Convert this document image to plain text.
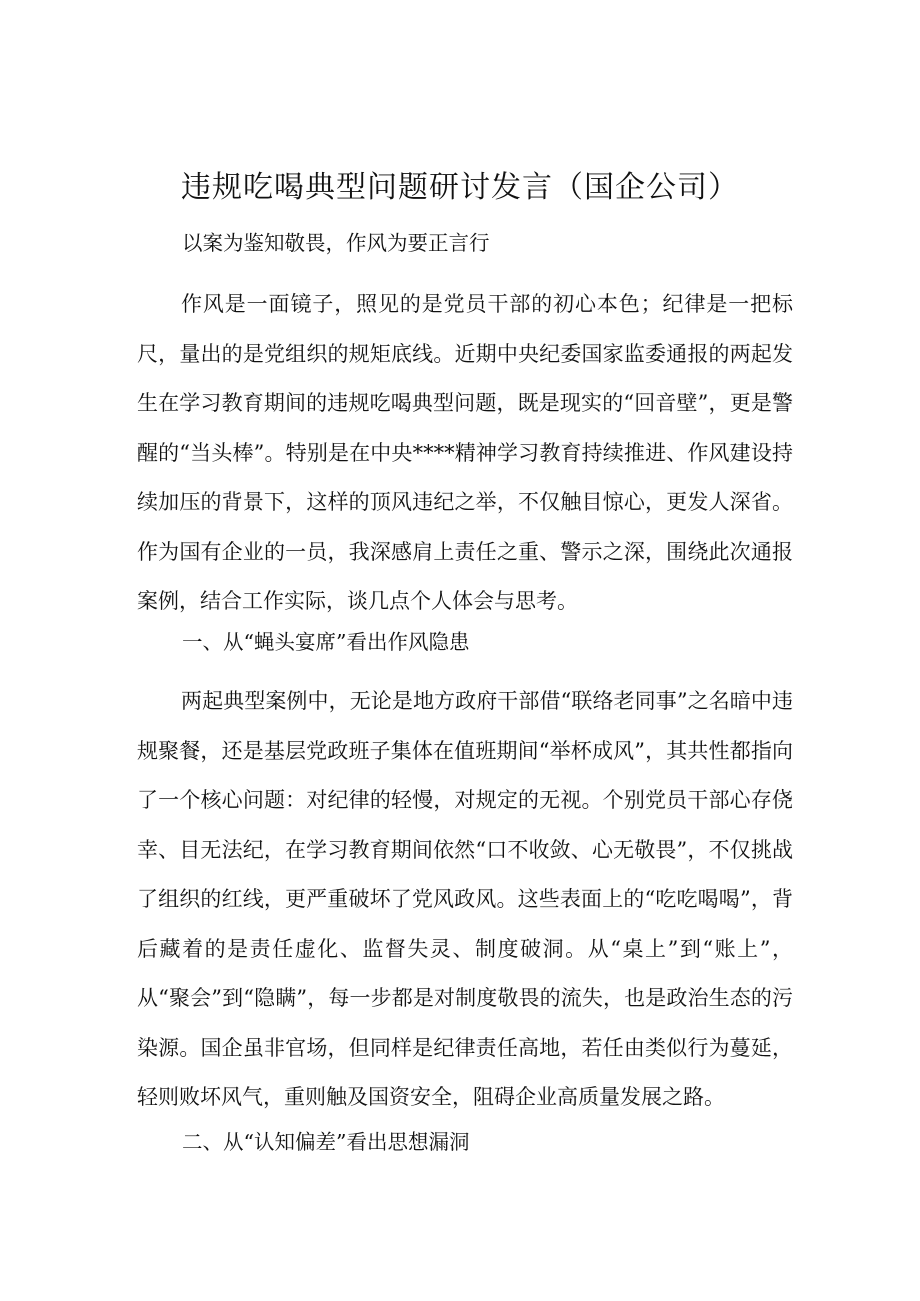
违规吃喝典型问题研讨发言（国企公司）
以案为鉴知敬畏，作风为要正言行

作风是一面镜子，照见的是党员干部的初心本色；纪律是一把标尺，量出的是党组织的规矩底线。近期中央纪委国家监委通报的两起发生在学习教育期间的违规吃喝典型问题，既是现实的“回音壁”，更是警醒的“当头棒”。特别是在中央****精神学习教育持续推进、作风建设持续加压的背景下，这样的顶风违纪之举，不仅触目惊心，更发人深省。作为国有企业的一员，我深感肩上责任之重、警示之深，围绕此次通报案例，结合工作实际，谈几点个人体会与思考。

一、从“蝇头宴席”看出作风隐患

两起典型案例中，无论是地方政府干部借“联络老同事”之名暗中违规聚餐，还是基层党政班子集体在值班期间“举杯成风”，其共性都指向了一个核心问题：对纪律的轻慢，对规定的无视。个别党员干部心存侥幸、目无法纪，在学习教育期间依然“口不收敛、心无敬畏”，不仅挑战了组织的红线，更严重破坏了党风政风。这些表面上的“吃吃喝喝”，背后藏着的是责任虚化、监督失灵、制度破洞。从“桌上”到“账上”，从“聚会”到“隐瞒”，每一步都是对制度敬畏的流失，也是政治生态的污染源。国企虽非官场，但同样是纪律责任高地，若任由类似行为蔓延，轻则败坏风气，重则触及国资安全，阻碍企业高质量发展之路。

二、从“认知偏差”看出思想漏洞
